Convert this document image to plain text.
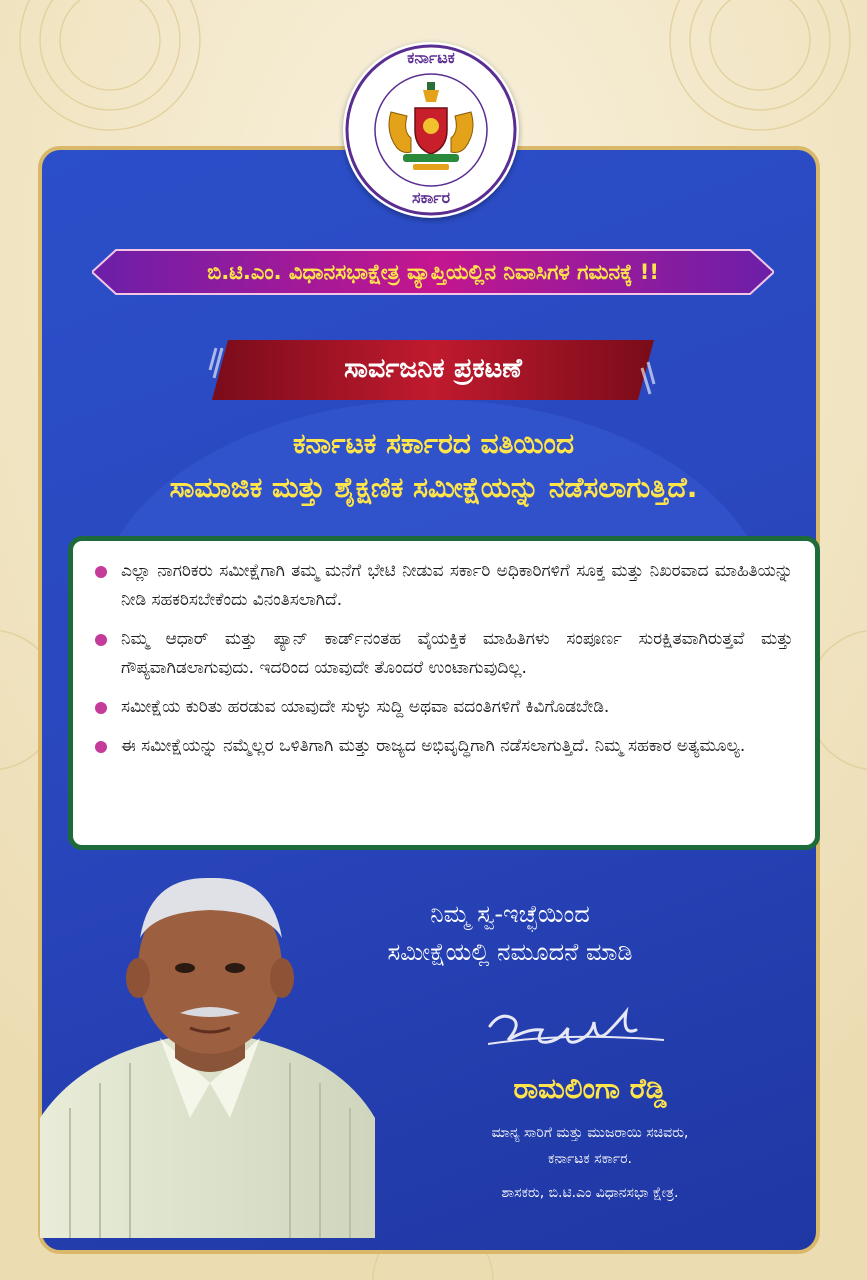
ಕರ್ನಾಟಕ
ಸರ್ಕಾರ
ಬಿ.ಟಿ.ಎಂ. ವಿಧಾನಸಭಾಕ್ಷೇತ್ರ ವ್ಯಾಪ್ತಿಯಲ್ಲಿನ ನಿವಾಸಿಗಳ ಗಮನಕ್ಕೆ !!
ಸಾರ್ವಜನಿಕ ಪ್ರಕಟಣೆ
ಕರ್ನಾಟಕ ಸರ್ಕಾರದ ವತಿಯಿಂದ
ಸಾಮಾಜಿಕ ಮತ್ತು ಶೈಕ್ಷಣಿಕ ಸಮೀಕ್ಷೆಯನ್ನು ನಡೆಸಲಾಗುತ್ತಿದೆ.
ಎಲ್ಲಾ ನಾಗರಿಕರು ಸಮೀಕ್ಷೆಗಾಗಿ ತಮ್ಮ ಮನೆಗೆ ಭೇಟಿ ನೀಡುವ ಸರ್ಕಾರಿ ಅಧಿಕಾರಿಗಳಿಗೆ ಸೂಕ್ತ ಮತ್ತು ನಿಖರವಾದ ಮಾಹಿತಿಯನ್ನು ನೀಡಿ ಸಹಕರಿಸಬೇಕೆಂದು ವಿನಂತಿಸಲಾಗಿದೆ.
ನಿಮ್ಮ ಆಧಾರ್ ಮತ್ತು ಪ್ಯಾನ್ ಕಾರ್ಡ್‌ನಂತಹ ವೈಯಕ್ತಿಕ ಮಾಹಿತಿಗಳು ಸಂಪೂರ್ಣ ಸುರಕ್ಷಿತವಾಗಿರುತ್ತವೆ ಮತ್ತು ಗೌಪ್ಯವಾಗಿಡಲಾಗುವುದು. ಇದರಿಂದ ಯಾವುದೇ ತೊಂದರೆ ಉಂಟಾಗುವುದಿಲ್ಲ.
ಸಮೀಕ್ಷೆಯ ಕುರಿತು ಹರಡುವ ಯಾವುದೇ ಸುಳ್ಳು ಸುದ್ದಿ ಅಥವಾ ವದಂತಿಗಳಿಗೆ ಕಿವಿಗೊಡಬೇಡಿ.
ಈ ಸಮೀಕ್ಷೆಯನ್ನು ನಮ್ಮೆಲ್ಲರ ಒಳಿತಿಗಾಗಿ ಮತ್ತು ರಾಜ್ಯದ ಅಭಿವೃದ್ಧಿಗಾಗಿ ನಡೆಸಲಾಗುತ್ತಿದೆ. ನಿಮ್ಮ ಸಹಕಾರ ಅತ್ಯಮೂಲ್ಯ.
ನಿಮ್ಮ ಸ್ವ-ಇಚ್ಛೆಯಿಂದ
ಸಮೀಕ್ಷೆಯಲ್ಲಿ ನಮೂದನೆ ಮಾಡಿ
ರಾಮಲಿಂಗಾ ರೆಡ್ಡಿ
ಮಾನ್ಯ ಸಾರಿಗೆ ಮತ್ತು ಮುಜರಾಯಿ ಸಚಿವರು,
ಕರ್ನಾಟಕ ಸರ್ಕಾರ.
ಶಾಸಕರು, ಬಿ.ಟಿ.ಎಂ ವಿಧಾನಸಭಾ ಕ್ಷೇತ್ರ.
